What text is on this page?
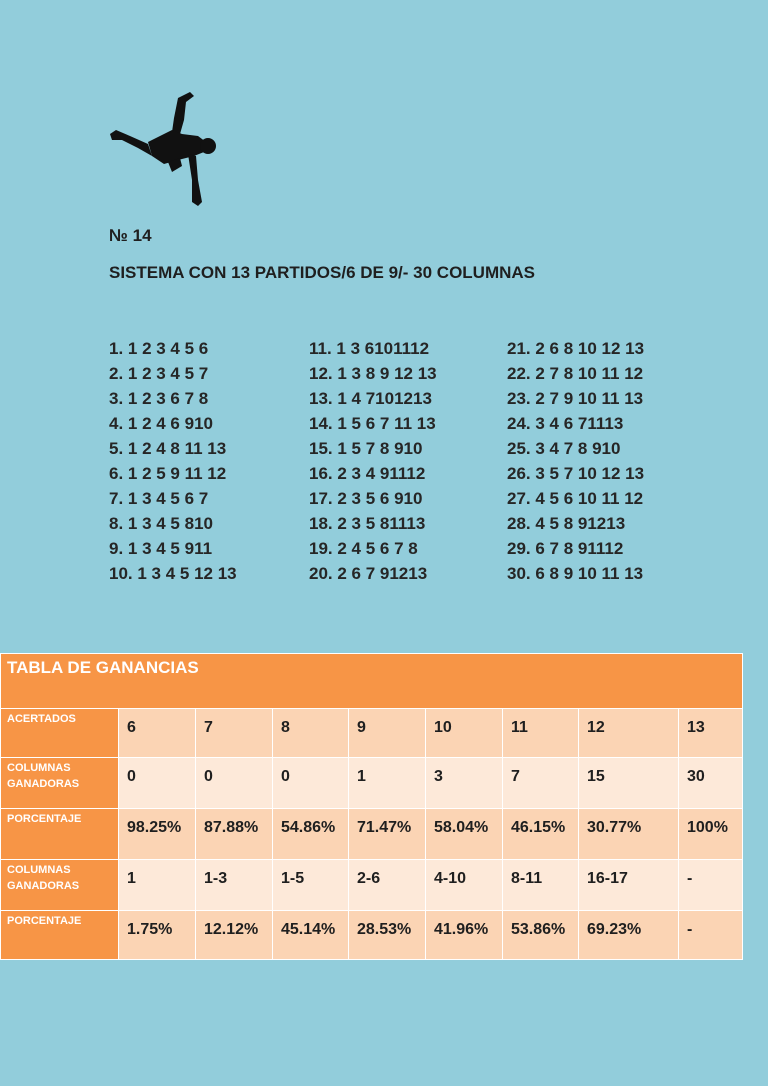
№ 14
SISTEMA CON 13 PARTIDOS/6 DE 9/- 30 COLUMNAS
1. 1 2 3 4 5 6
2. 1 2 3 4 5 7
3. 1 2 3 6 7 8
4. 1 2 4 6 910
5. 1 2 4 8 11 13
6. 1 2 5 9 11 12
7. 1 3 4 5 6 7
8. 1 3 4 5 810
9. 1 3 4 5 911
10. 1 3 4 5 12 13
11. 1 3 6101112
12. 1 3 8 9 12 13
13. 1 4 7101213
14. 1 5 6 7 11 13
15. 1 5 7 8 910
16. 2 3 4 91112
17. 2 3 5 6 910
18. 2 3 5 81113
19. 2 4 5 6 7 8
20. 2 6 7 91213
21. 2 6 8 10 12 13
22. 2 7 8 10 11 12
23. 2 7 9 10 11 13
24. 3 4 6 71113
25. 3 4 7 8 910
26. 3 5 7 10 12 13
27. 4 5 6 10 11 12
28. 4 5 8 91213
29. 6 7 8 91112
30. 6 8 9 10 11 13
TABLA DE GANANCIAS								
ACERTADOS	6	7	8	9	10	11	12	13
COLUMNAS GANADORAS	0	0	0	1	3	7	15	30
PORCENTAJE	98.25%	87.88%	54.86%	71.47%	58.04%	46.15%	30.77%	100%
COLUMNAS GANADORAS	1	1-3	1-5	2-6	4-10	8-11	16-17	-
PORCENTAJE	1.75%	12.12%	45.14%	28.53%	41.96%	53.86%	69.23%	-
